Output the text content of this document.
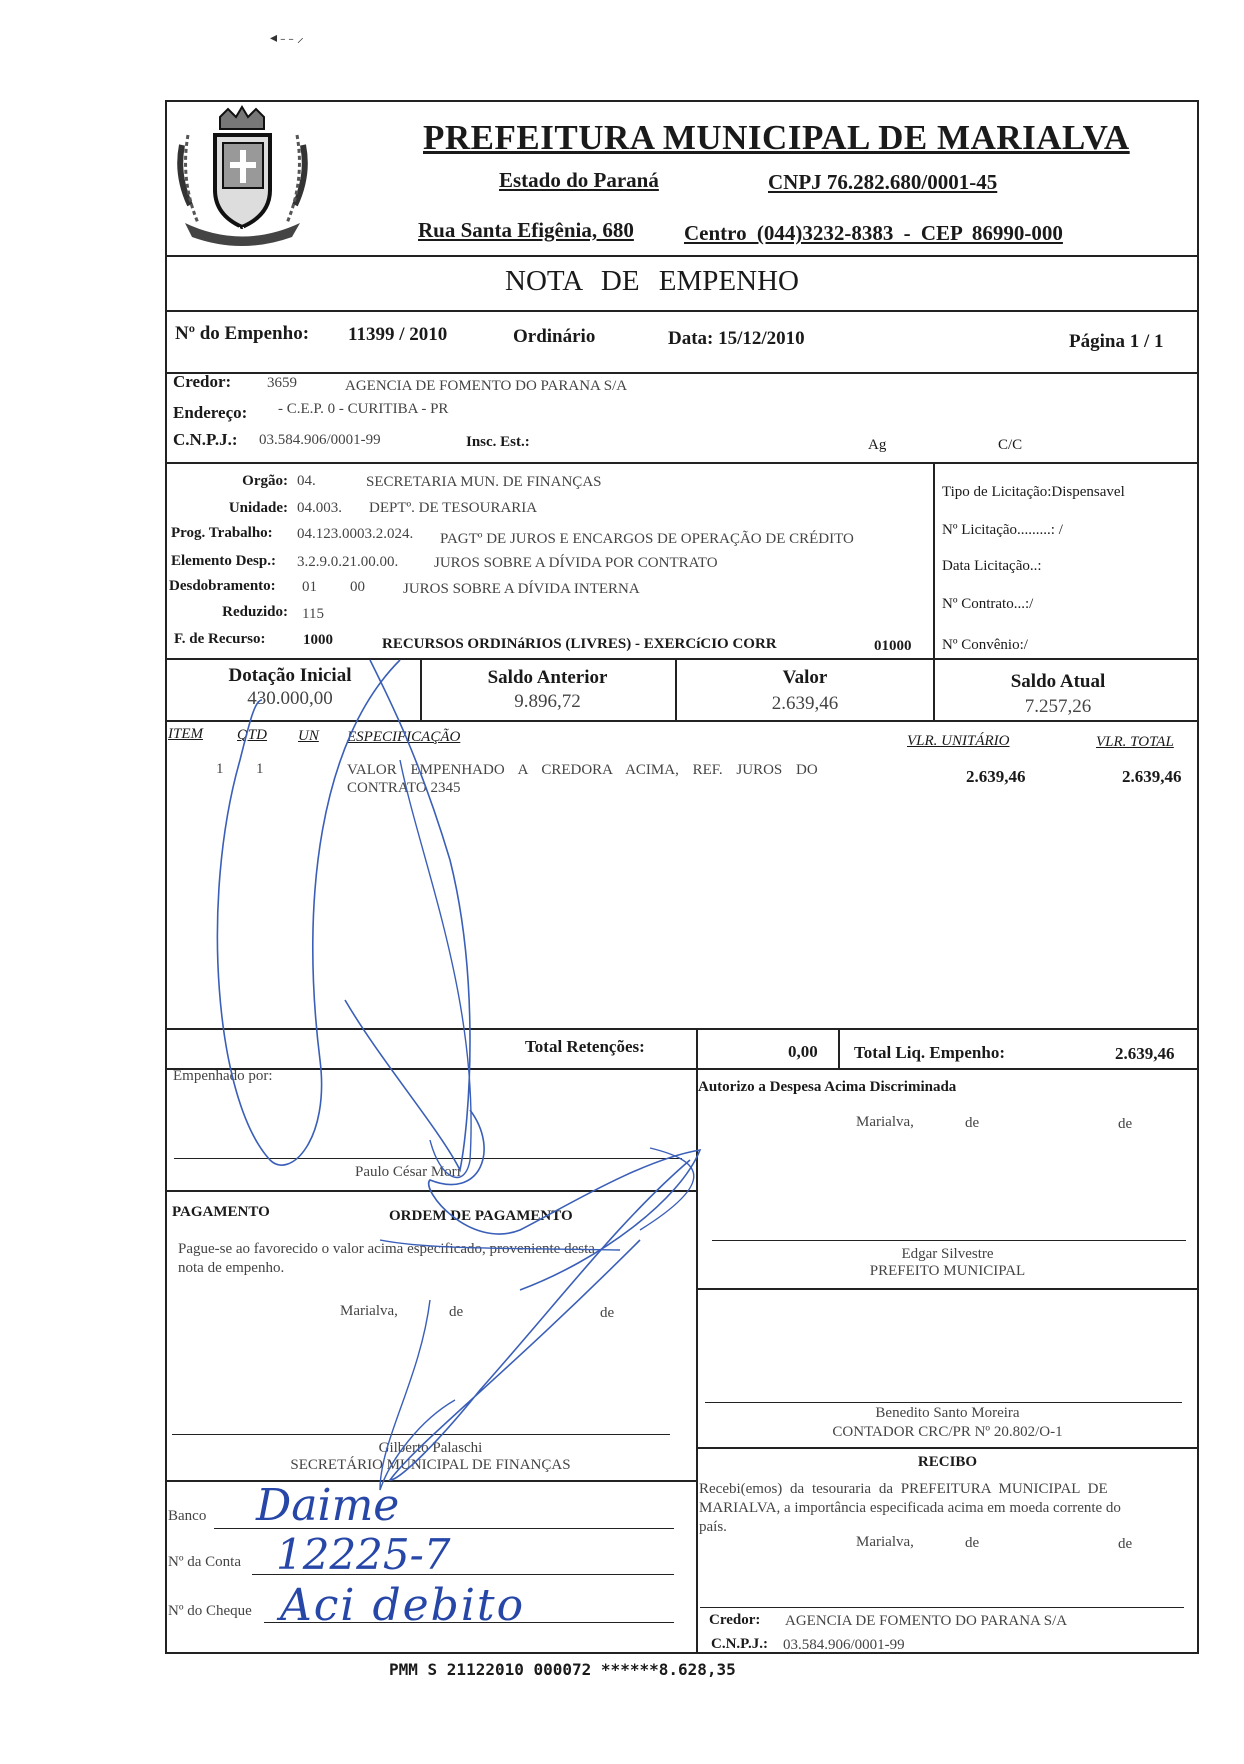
MARIALVA
PREFEITURA MUNICIPAL DE MARIALVA
Estado do Paraná	CNPJ 76.282.680/0001-45
Rua Santa Efigênia, 680 Centro (044)3232-8383 - CEP 86990-000
NOTA DE EMPENHO
Nº do Empenho: 11399 / 2010	Ordinário	Data: 15/12/2010	Página 1 / 1
Credor: 3659	AGENCIA DE FOMENTO DO PARANA S/A
Endereço: - C.E.P. 0 - CURITIBA - PR
C.N.P.J.: 03.584.906/0001-99	Insc. Est.:	Ag	C/C
Orgão: 04.	SECRETARIA MUN. DE FINANÇAS
Unidade: 04.003. DEPTº. DE TESOURARIA
Prog. Trabalho: 04.123.0003.2.024. PAGTº DE JUROS E ENCARGOS DE OPERAÇÃO DE CRÉDITO
Elemento Desp.: 3.2.9.0.21.00.00. JUROS SOBRE A DÍVIDA POR CONTRATO
Desdobramento: 01 00	JUROS SOBRE A DÍVIDA INTERNA
Reduzido: 115
F. de Recurso: 1000	RECURSOS ORDINáRIOS (LIVRES) - EXERCíCIO CORR	01000
Tipo de Licitação:Dispensavel
Nº Licitação.........: /
Data Licitação..:
Nº Contrato...:/
Nº Convênio:/
Dotação Inicial
430.000,00
Saldo Anterior
9.896,72
Valor
2.639,46
Saldo Atual
7.257,26
ITEM QTD UN ESPECIFICAÇÃO	VLR. UNITÁRIO	VLR. TOTAL
1 1	VALOR EMPENHADO A CREDORA ACIMA, REF. JUROS DO
CONTRATO 2345
2.639,46	2.639,46
Total Retenções:	0,00 Total Liq. Empenho:	2.639,46
Empenhado por:
Paulo César Mori
Autorizo a Despesa Acima Discriminada
Marialva,	de	de
Edgar Silvestre
PREFEITO MUNICIPAL
Benedito Santo Moreira
CONTADOR CRC/PR Nº 20.802/O-1
PAGAMENTO	ORDEM DE PAGAMENTO
Pague-se ao favorecido o valor acima especificado, proveniente desta
nota de empenho.
Marialva,	de	de
Gilberto Palaschi
SECRETÁRIO MUNICIPAL DE FINANÇAS
Banco
Nº da Conta
Nº do Cheque
Daime
12225-7
Aci debito
RECIBO
Recebi(emos) da tesouraria da PREFEITURA MUNICIPAL DE
MARIALVA, a importância especificada acima em moeda corrente do
país.
Marialva,	de	de
Credor: AGENCIA DE FOMENTO DO PARANA S/A
C.N.P.J.: 03.584.906/0001-99
PMM S 21122010 000072 ******8.628,35
◂ ˗ ˗ ⸝
